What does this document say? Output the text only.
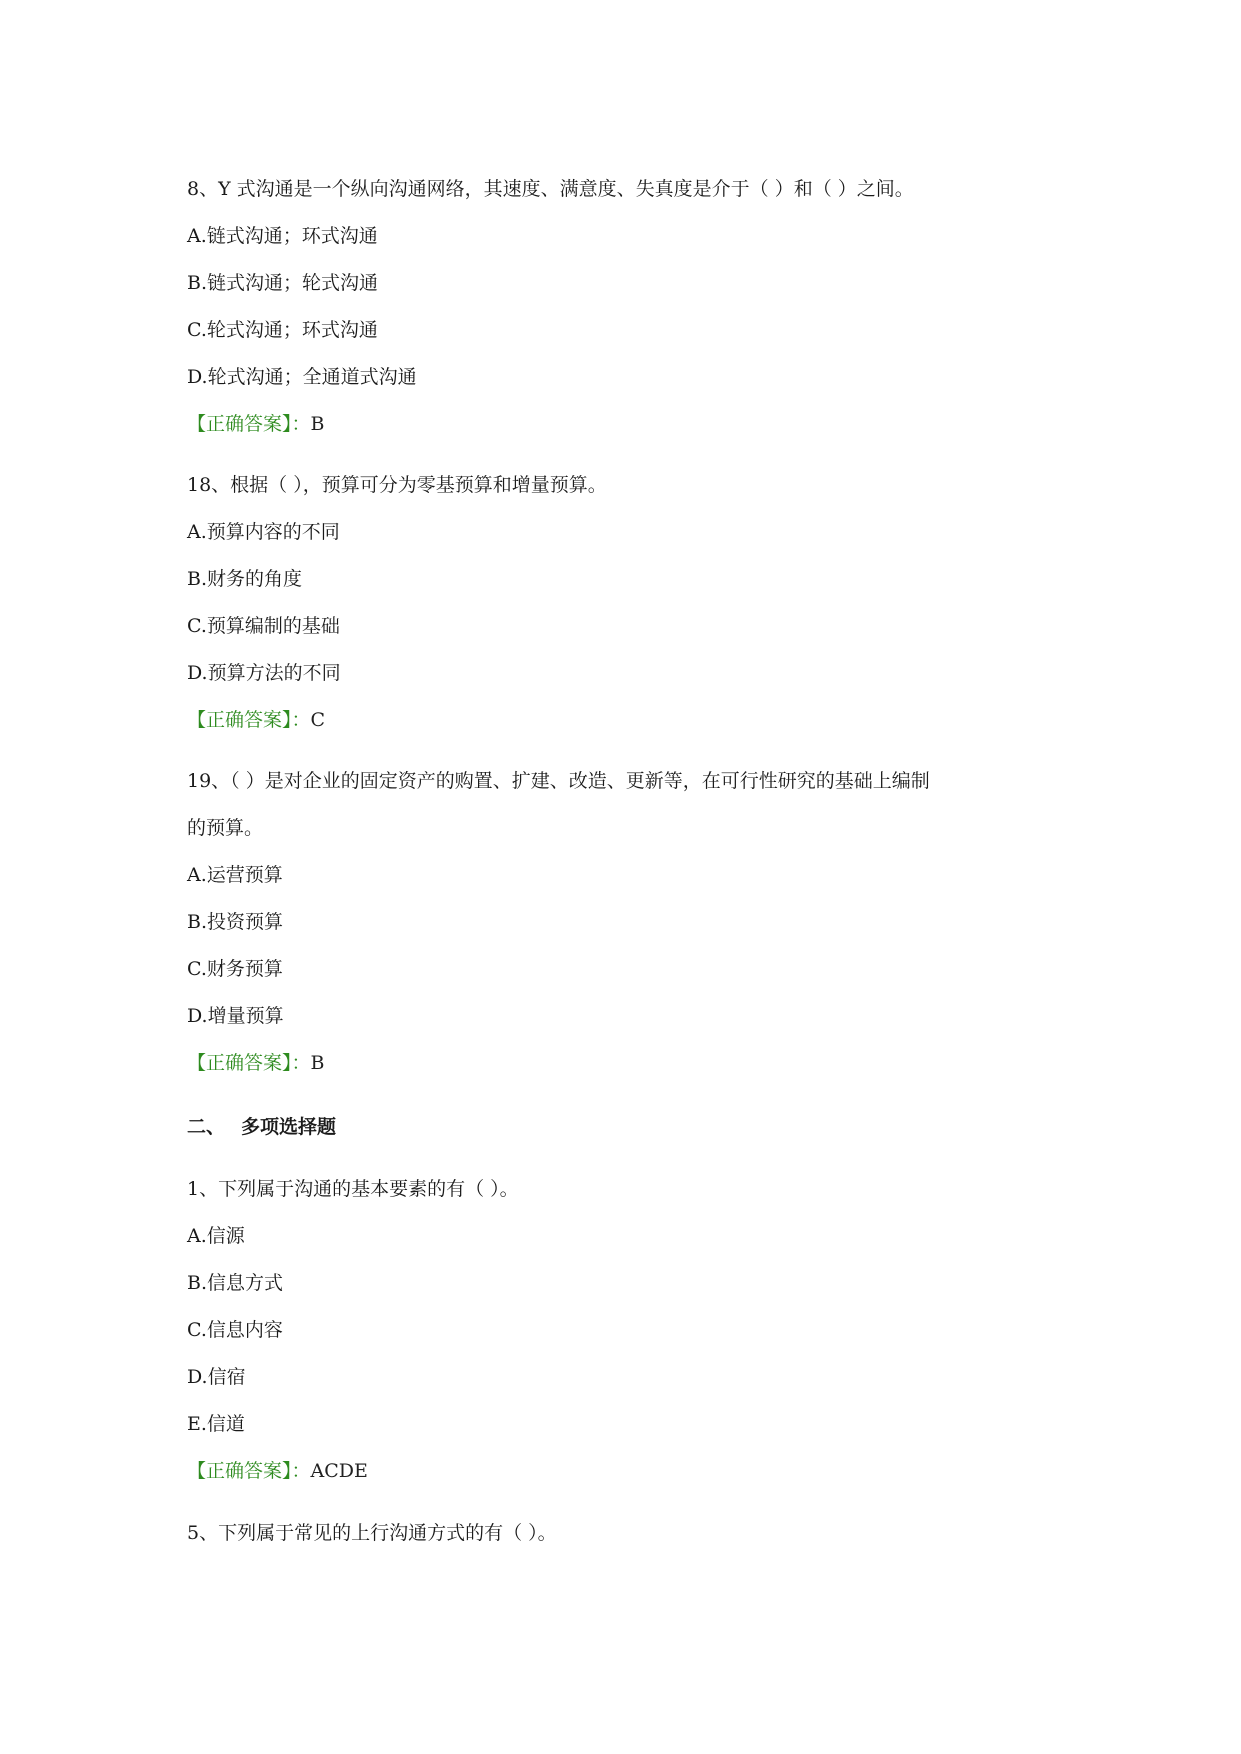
8、Y 式沟通是一个纵向沟通网络，其速度、满意度、失真度是介于（ ）和（ ）之间。
A.链式沟通；环式沟通
B.链式沟通；轮式沟通
C.轮式沟通；环式沟通
D.轮式沟通；全通道式沟通
【正确答案】：B
18、根据（ ），预算可分为零基预算和增量预算。
A.预算内容的不同
B.财务的角度
C.预算编制的基础
D.预算方法的不同
【正确答案】：C
19、（ ）是对企业的固定资产的购置、扩建、改造、更新等，在可行性研究的基础上编制
的预算。
A.运营预算
B.投资预算
C.财务预算
D.增量预算
【正确答案】：B
二、 多项选择题
1、下列属于沟通的基本要素的有（ ）。
A.信源
B.信息方式
C.信息内容
D.信宿
E.信道
【正确答案】：ACDE
5、下列属于常见的上行沟通方式的有（ ）。
